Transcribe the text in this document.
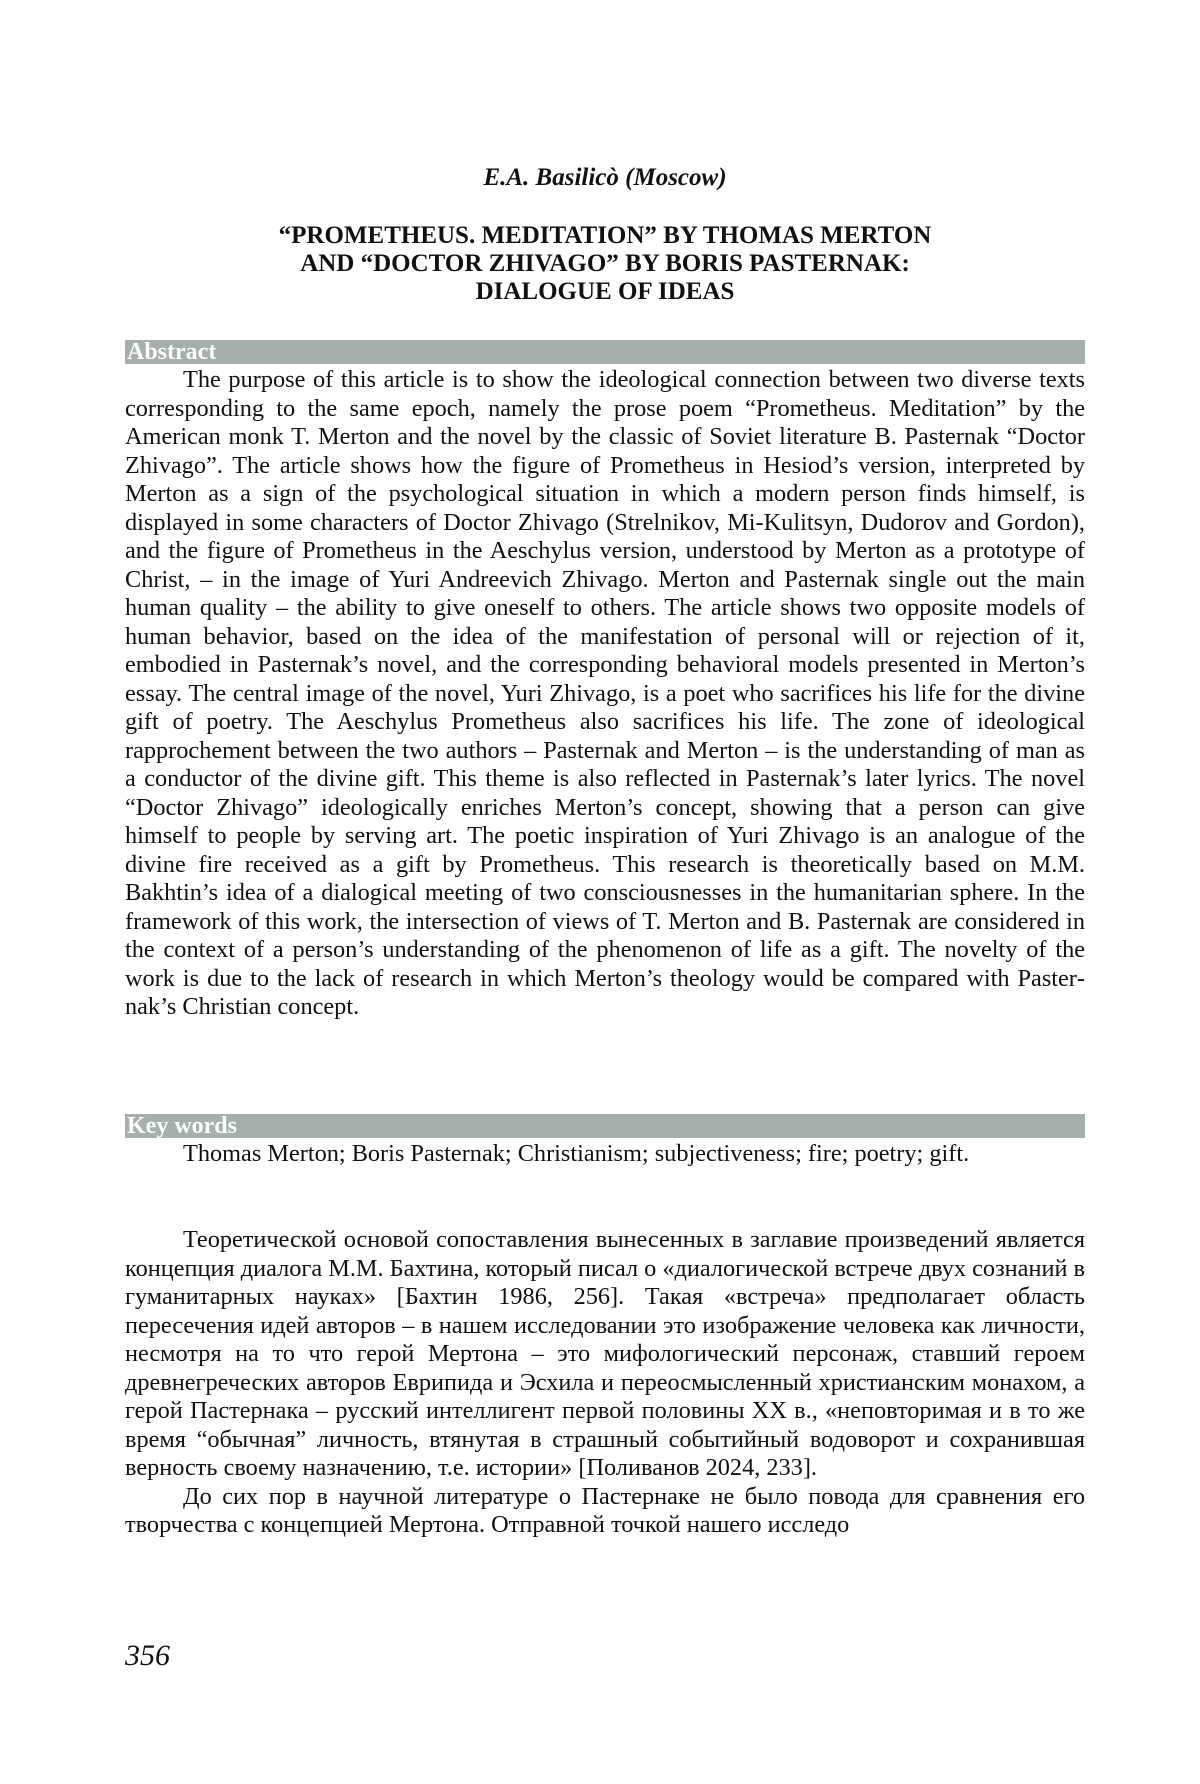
E.A. Basilicò (Moscow)
“PROMETHEUS. MEDITATION” BY THOMAS MERTON
AND “DOCTOR ZHIVAGO” BY BORIS PASTERNAK:
DIALOGUE OF IDEAS
Abstract

The purpose of this article is to show the ideological connection between two diverse texts corresponding to the same epoch, namely the prose poem “Prometheus. Meditation” by the American monk T. Merton and the novel by the classic of Soviet literature B. Pasternak “Doctor Zhivago”. The article shows how the figure of Prometheus in Hesiod’s version, interpreted by Merton as a sign of the psychological situation in which a modern person finds himself, is displayed in some characters of Doctor Zhivago (Strelnikov, Mi-Kulitsyn, Dudorov and Gordon), and the figure of Prometheus in the Aeschylus version, understood by Merton as a prototype of Christ, – in the image of Yuri Andreevich Zhivago. Merton and Pasternak single out the main human quality – the ability to give oneself to others. The article shows two opposite models of human behavior, based on the idea of the manifestation of personal will or rejection of it, embodied in Pasternak’s novel, and the corresponding behavioral models presented in Merton’s essay. The central image of the novel, Yuri Zhivago, is a poet who sacrifices his life for the divine gift of poetry. The Aeschylus Prometheus also sacrifices his life. The zone of ideological rapprochement between the two authors – Pasternak and Merton – is the understanding of man as a conductor of the divine gift. This theme is also reflected in Pasternak’s later lyrics. The novel “Doctor Zhivago” ideologically enriches Merton’s concept, showing that a person can give himself to people by serving art. The poetic inspiration of Yuri Zhivago is an analogue of the divine fire received as a gift by Prometheus. This research is theoretically based on M.M. Bakhtin’s idea of a dialogical meeting of two consciousnesses in the humanitarian sphere. In the framework of this work, the intersection of views of T. Merton and B. Pasternak are considered in the context of a person’s understanding of the phenomenon of life as a gift. The novelty of the work is due to the lack of research in which Merton’s theology would be compared with Pasternak’s Christian concept.

Key words

Thomas Merton; Boris Pasternak; Christianism; subjectiveness; fire; poetry; gift.

Теоретической основой сопоставления вынесенных в заглавие произведений является концепция диалога М.М. Бахтина, который писал о «диалогической встрече двух сознаний в гуманитарных науках» [Бахтин 1986, 256]. Такая «встреча» предполагает область пересечения идей авторов – в нашем исследовании это изображение человека как личности, несмотря на то что герой Мертона – это мифологический персонаж, ставший героем древнегреческих авторов Еврипида и Эсхила и переосмысленный христианским монахом, а герой Пастернака – русский интеллигент первой половины XX в., «неповторимая и в то же время “обычная” личность, втянутая в страшный событийный водоворот и сохранившая верность своему назначению, т.е. истории» [Поливанов 2024, 233].

До сих пор в научной литературе о Пастернаке не было повода для сравнения его творчества с концепцией Мертона. Отправной точкой нашего исследо

356
